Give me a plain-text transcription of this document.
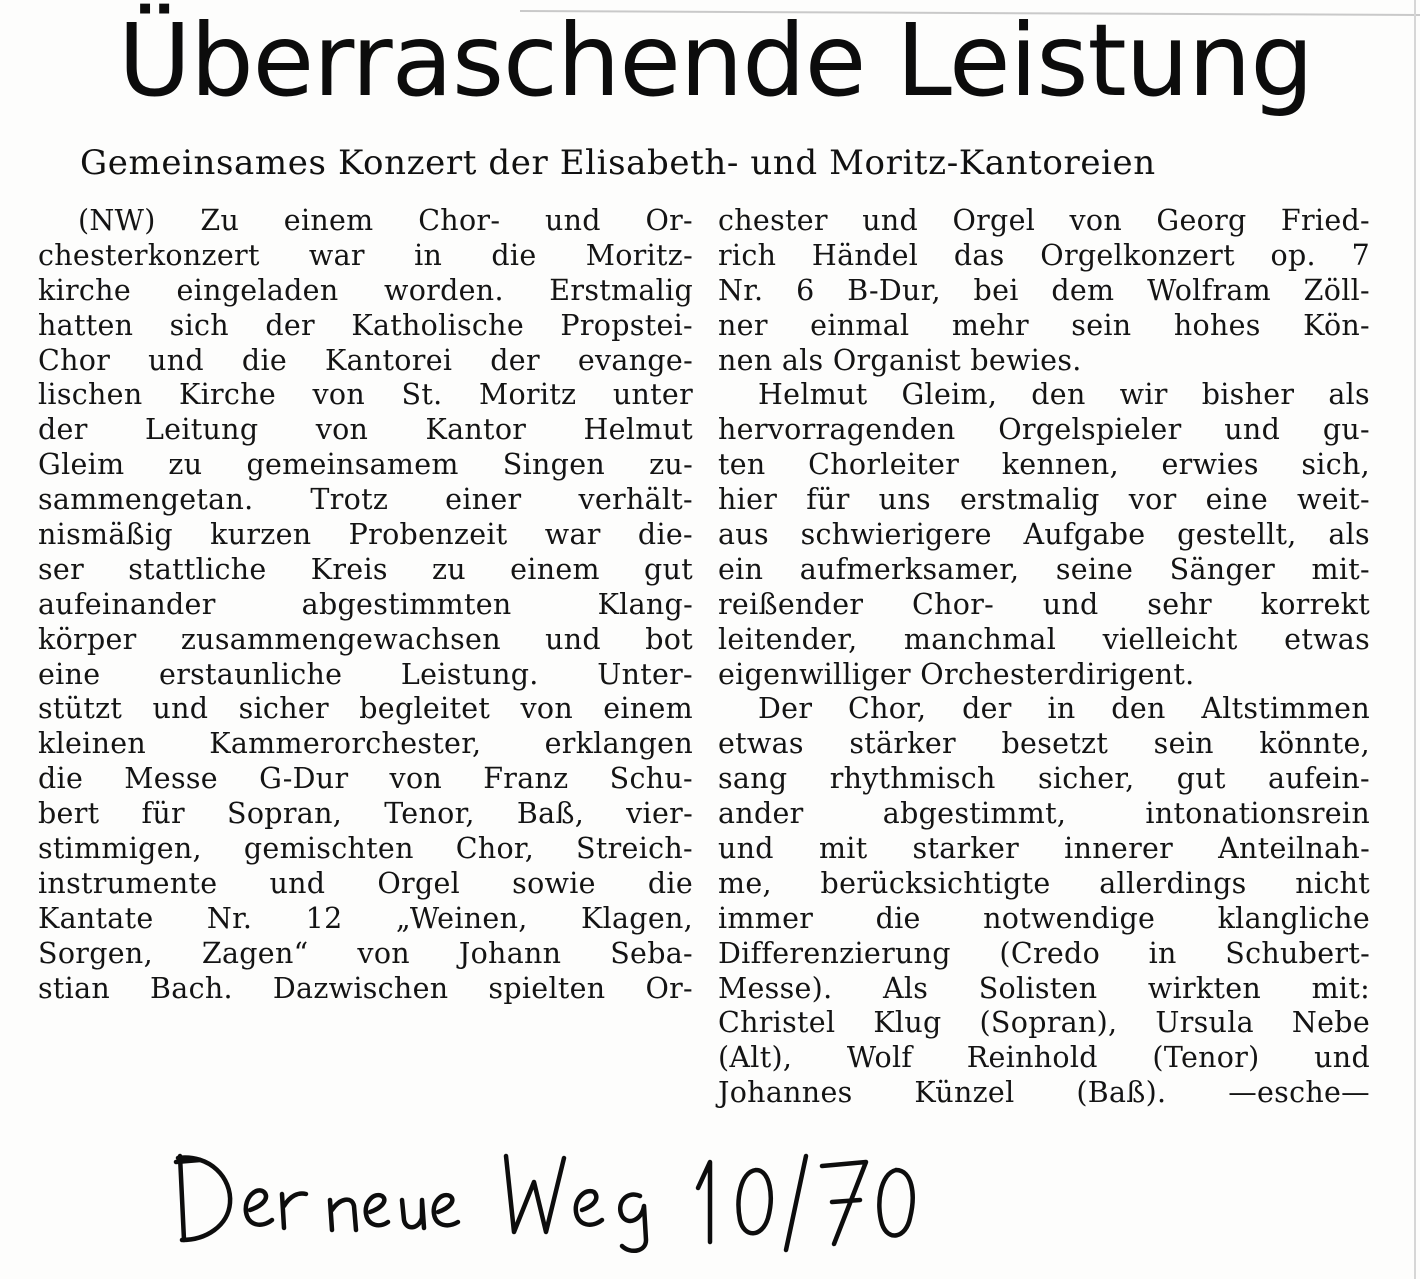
Überraschende Leistung
Gemeinsames Konzert der Elisabeth- und Moritz-Kantoreien
(NW) Zu einem Chor- und Or-
chesterkonzert war in die Moritz-
kirche eingeladen worden. Erstmalig
hatten sich der Katholische Propstei-
Chor und die Kantorei der evange-
lischen Kirche von St. Moritz unter
der Leitung von Kantor Helmut
Gleim zu gemeinsamem Singen zu-
sammengetan. Trotz einer verhält-
nismäßig kurzen Probenzeit war die-
ser stattliche Kreis zu einem gut
aufeinander abgestimmten Klang-
körper zusammengewachsen und bot
eine erstaunliche Leistung. Unter-
stützt und sicher begleitet von einem
kleinen Kammerorchester, erklangen
die Messe G-Dur von Franz Schu-
bert für Sopran, Tenor, Baß, vier-
stimmigen, gemischten Chor, Streich-
instrumente und Orgel sowie die
Kantate Nr. 12 „Weinen, Klagen,
Sorgen, Zagen“ von Johann Seba-
stian Bach. Dazwischen spielten Or-
chester und Orgel von Georg Fried-
rich Händel das Orgelkonzert op. 7
Nr. 6 B-Dur, bei dem Wolfram Zöll-
ner einmal mehr sein hohes Kön-
nen als Organist bewies.
Helmut Gleim, den wir bisher als
hervorragenden Orgelspieler und gu-
ten Chorleiter kennen, erwies sich,
hier für uns erstmalig vor eine weit-
aus schwierigere Aufgabe gestellt, als
ein aufmerksamer, seine Sänger mit-
reißender Chor- und sehr korrekt
leitender, manchmal vielleicht etwas
eigenwilliger Orchesterdirigent.
Der Chor, der in den Altstimmen
etwas stärker besetzt sein könnte,
sang rhythmisch sicher, gut aufein-
ander abgestimmt, intonationsrein
und mit starker innerer Anteilnah-
me, berücksichtigte allerdings nicht
immer die notwendige klangliche
Differenzierung (Credo in Schubert-
Messe). Als Solisten wirkten mit:
Christel Klug (Sopran), Ursula Nebe
(Alt), Wolf Reinhold (Tenor) und
Johannes Künzel (Baß). —esche—
